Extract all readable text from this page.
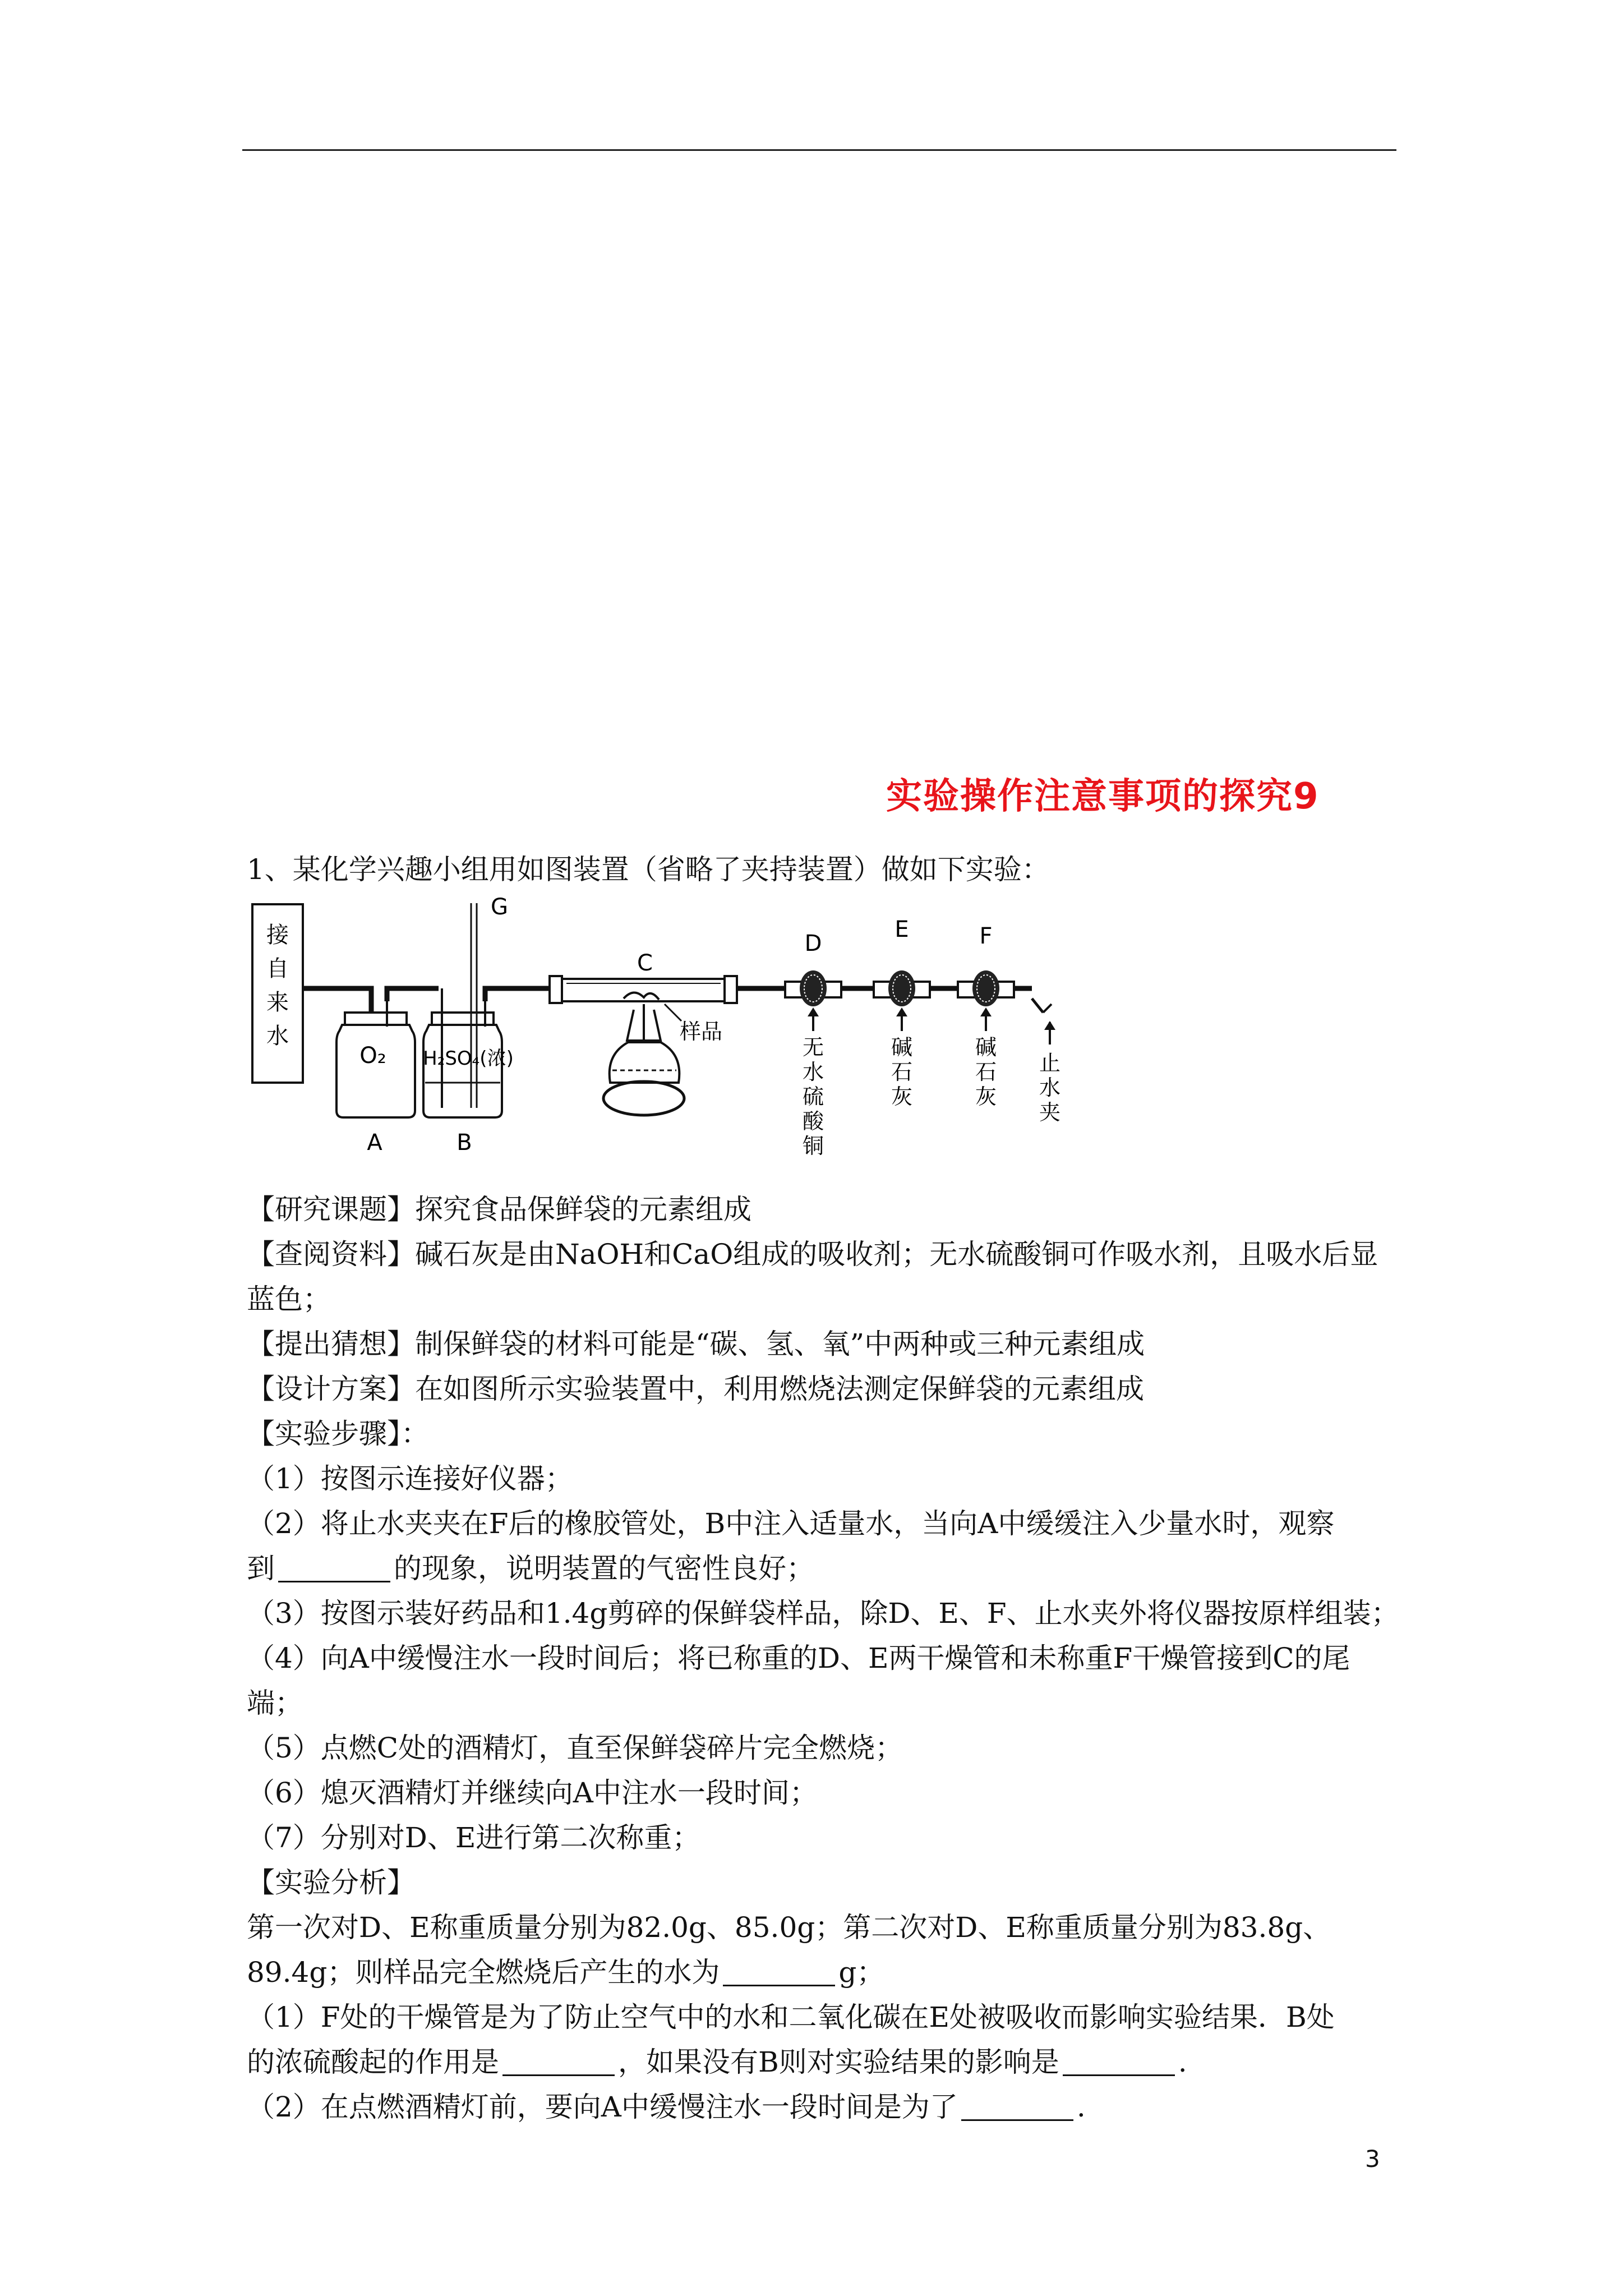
实验操作注意事项的探究9
1、某化学兴趣小组用如图装置（省略了夹持装置）做如下实验：
接
自
来
水
O₂ H₂SO₄(浓)
G
C
样品
D
无
水
硫
酸
铜
E
碱
石
灰
F
碱
石
灰
止
水
夹
A	B

【研究课题】探究食品保鲜袋的元素组成

【查阅资料】碱石灰是由NaOH和CaO组成的吸收剂；无水硫酸铜可作吸水剂，且吸水后显

蓝色；

【提出猜想】制保鲜袋的材料可能是“碳、氢、氧”中两种或三种元素组成

【设计方案】在如图所示实验装置中，利用燃烧法测定保鲜袋的元素组成

【实验步骤】：

（1）按图示连接好仪器；

（2）将止水夹夹在F后的橡胶管处，B中注入适量水，当向A中缓缓注入少量水时，观察

到	的现象，说明装置的气密性良好；

（3）按图示装好药品和1.4g剪碎的保鲜袋样品，除D、E、F、止水夹外将仪器按原样组装；

（4）向A中缓慢注水一段时间后；将已称重的D、E两干燥管和未称重F干燥管接到C的尾

端；

（5）点燃C处的酒精灯，直至保鲜袋碎片完全燃烧；

（6）熄灭酒精灯并继续向A中注水一段时间；

（7）分别对D、E进行第二次称重；

【实验分析】

第一次对D、E称重质量分别为82.0g、85.0g；第二次对D、E称重质量分别为83.8g、

89.4g；则样品完全燃烧后产生的水为	g；

（1）F处的干燥管是为了防止空气中的水和二氧化碳在E处被吸收而影响实验结果．B处

的浓硫酸起的作用是	，如果没有B则对实验结果的影响是	.

（2）在点燃酒精灯前，要向A中缓慢注水一段时间是为了	.

3
